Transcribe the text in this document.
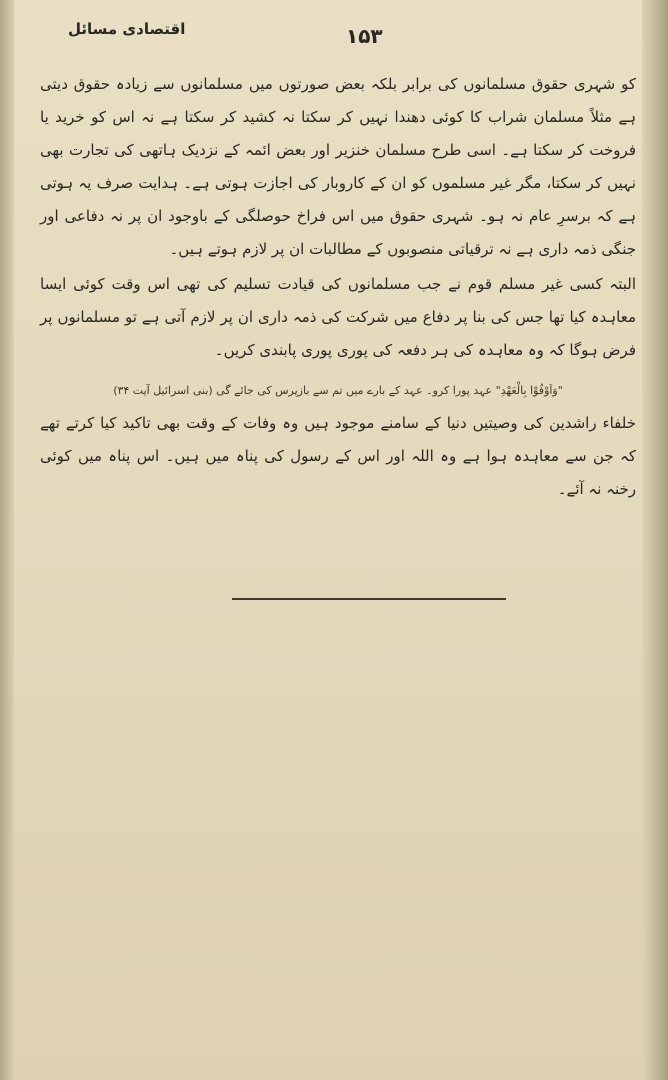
اقتصادی مسائل	۱۵۳

کو شہری حقوق مسلمانوں کی برابر بلکہ بعض صورتوں میں مسلمانوں سے زیادہ حقوق دیتی ہے مثلاً مسلمان شراب کا کوئی دھندا نہیں کر سکتا نہ کشید کر سکتا ہے نہ اس کو خرید یا فروخت کر سکتا ہے۔ اسی طرح مسلمان خنزیر اور بعض ائمہ کے نزدیک ہاتھی کی تجارت بھی نہیں کر سکتا، مگر غیر مسلموں کو ان کے کاروبار کی اجازت ہوتی ہے۔ ہدایت صرف یہ ہوتی ہے کہ برسرِ عام نہ ہو۔ شہری حقوق میں اس فراخ حوصلگی کے باوجود ان پر نہ دفاعی اور جنگی ذمہ داری ہے نہ ترقیاتی منصوبوں کے مطالبات ان پر لازم ہوتے ہیں۔

البتہ کسی غیر مسلم قوم نے جب مسلمانوں کی قیادت تسلیم کی تھی اس وقت کوئی ایسا معاہدہ کیا تھا جس کی بنا پر دفاع میں شرکت کی ذمہ داری ان پر لازم آتی ہے تو مسلمانوں پر فرض ہوگا کہ وہ معاہدہ کی ہر دفعہ کی پوری پوری پابندی کریں۔

"وَاَوْفُوْا بِالْعَهْدِ" عہد پورا کرو۔ عہد کے بارے میں تم سے بازپرس کی جائے گی (بنی اسرائیل آیت ۳۴)

خلفاء راشدین کی وصیتیں دنیا کے سامنے موجود ہیں وہ وفات کے وقت بھی تاکید کیا کرتے تھے کہ جن سے معاہدہ ہوا ہے وہ اللہ اور اس کے رسول کی پناہ میں ہیں۔ اس پناہ میں کوئی رخنہ نہ آئے۔
